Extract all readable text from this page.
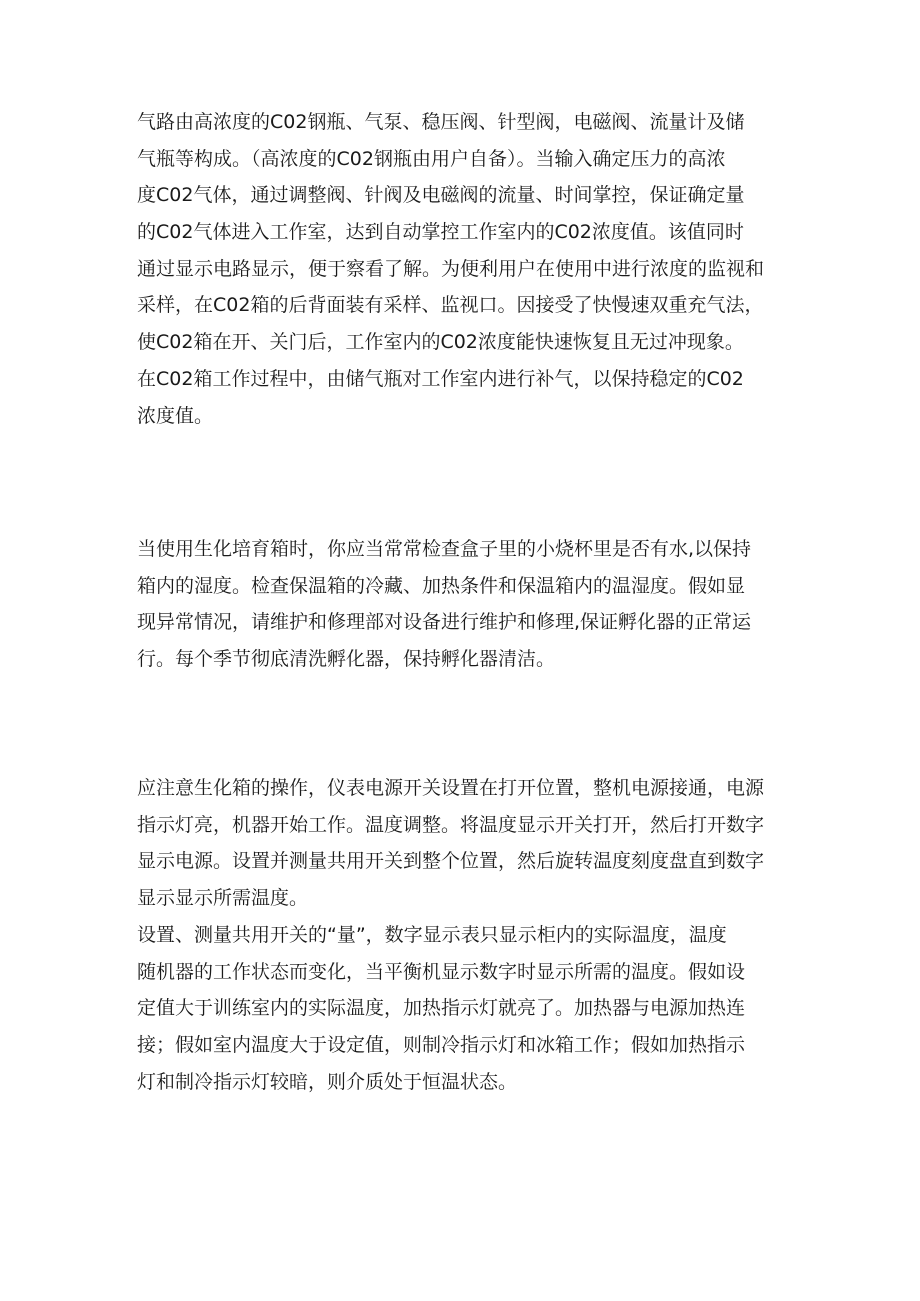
气路由高浓度的C02钢瓶、气泵、稳压阀、针型阀，电磁阀、流量计及储
气瓶等构成。（高浓度的C02钢瓶由用户自备）。当输入确定压力的高浓
度C02气体，通过调整阀、针阀及电磁阀的流量、时间掌控，保证确定量
的C02气体进入工作室，达到自动掌控工作室内的C02浓度值。该值同时
通过显示电路显示，便于察看了解。为便利用户在使用中进行浓度的监视和
采样，在C02箱的后背面装有采样、监视口。因接受了快慢速双重充气法，
使C02箱在开、关门后，工作室内的C02浓度能快速恢复且无过冲现象。
在C02箱工作过程中，由储气瓶对工作室内进行补气，以保持稳定的C02
浓度值。
当使用生化培育箱时，你应当常常检查盒子里的小烧杯里是否有水,以保持
箱内的湿度。检查保温箱的冷藏、加热条件和保温箱内的温湿度。假如显
现异常情况，请维护和修理部对设备进行维护和修理,保证孵化器的正常运
行。每个季节彻底清洗孵化器，保持孵化器清洁。
应注意生化箱的操作，仪表电源开关设置在打开位置，整机电源接通，电源
指示灯亮，机器开始工作。温度调整。将温度显示开关打开，然后打开数字
显示电源。设置并测量共用开关到整个位置，然后旋转温度刻度盘直到数字
显示显示所需温度。
设置、测量共用开关的“量”，数字显示表只显示柜内的实际温度，温度
随机器的工作状态而变化，当平衡机显示数字时显示所需的温度。假如设
定值大于训练室内的实际温度，加热指示灯就亮了。加热器与电源加热连
接；假如室内温度大于设定值，则制冷指示灯和冰箱工作；假如加热指示
灯和制冷指示灯较暗，则介质处于恒温状态。
